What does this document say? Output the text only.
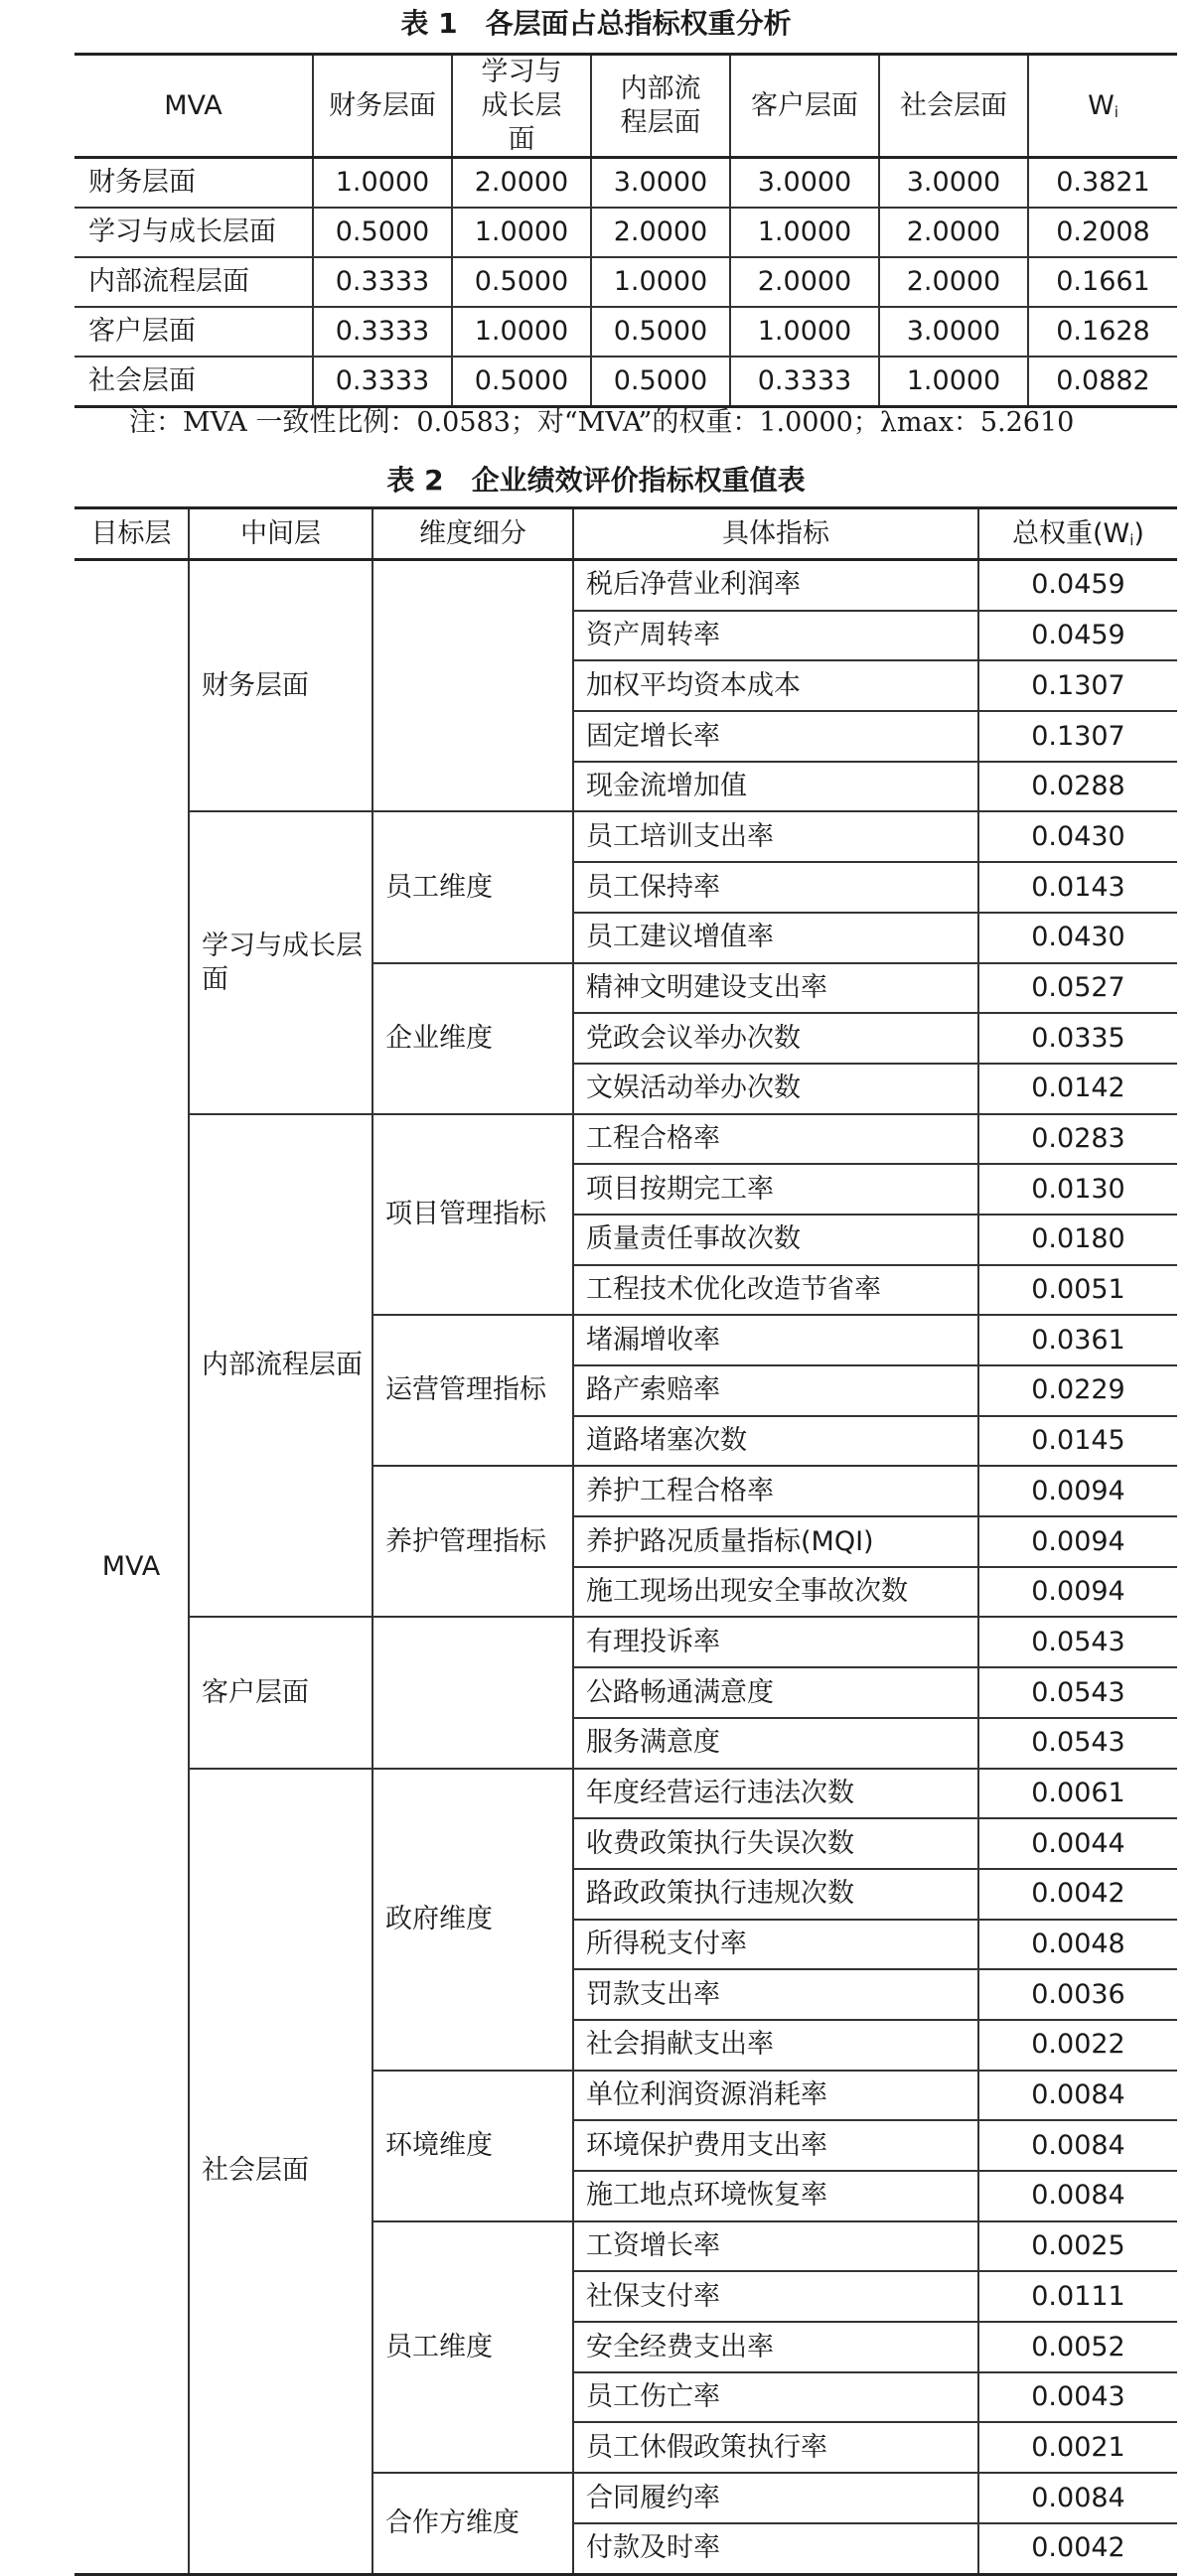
表 1　各层面占总指标权重分析
MVA	财务层面	学习与成长层面	内部流程层面	客户层面	社会层面	$W_i$
财务层面	1.0000	2.0000	3.0000	3.0000	3.0000	0.3821
学习与成长层面	0.5000	1.0000	2.0000	1.0000	2.0000	0.2008
内部流程层面	0.3333	0.5000	1.0000	2.0000	2.0000	0.1661
客户层面	0.3333	1.0000	0.5000	1.0000	3.0000	0.1628
社会层面	0.3333	0.5000	0.5000	0.3333	1.0000	0.0882
注：MVA 一致性比例：0.0583；对“MVA”的权重：1.0000；λmax：5.2610
表 2　企业绩效评价指标权重值表
目标层	中间层	维度细分	具体指标	总权重$(W_i)$
MVA	财务层面		税后净营业利润率	0.0459
			资产周转率	0.0459
			加权平均资本成本	0.1307
			固定增长率	0.1307
			现金流增加值	0.0288
	学习与成长层面	员工维度	员工培训支出率	0.0430
			员工保持率	0.0143
			员工建议增值率	0.0430
		企业维度	精神文明建设支出率	0.0527
			党政会议举办次数	0.0335
			文娱活动举办次数	0.0142
	内部流程层面	项目管理指标	工程合格率	0.0283
			项目按期完工率	0.0130
			质量责任事故次数	0.0180
			工程技术优化改造节省率	0.0051
		运营管理指标	堵漏增收率	0.0361
			路产索赔率	0.0229
			道路堵塞次数	0.0145
		养护管理指标	养护工程合格率	0.0094
			养护路况质量指标(MQI)	0.0094
			施工现场出现安全事故次数	0.0094
	客户层面		有理投诉率	0.0543
			公路畅通满意度	0.0543
			服务满意度	0.0543
	社会层面	政府维度	年度经营运行违法次数	0.0061
			收费政策执行失误次数	0.0044
			路政政策执行违规次数	0.0042
			所得税支付率	0.0048
			罚款支出率	0.0036
			社会捐献支出率	0.0022
		环境维度	单位利润资源消耗率	0.0084
			环境保护费用支出率	0.0084
			施工地点环境恢复率	0.0084
		员工维度	工资增长率	0.0025
			社保支付率	0.0111
			安全经费支出率	0.0052
			员工伤亡率	0.0043
			员工休假政策执行率	0.0021
		合作方维度	合同履约率	0.0084
			付款及时率	0.0042
